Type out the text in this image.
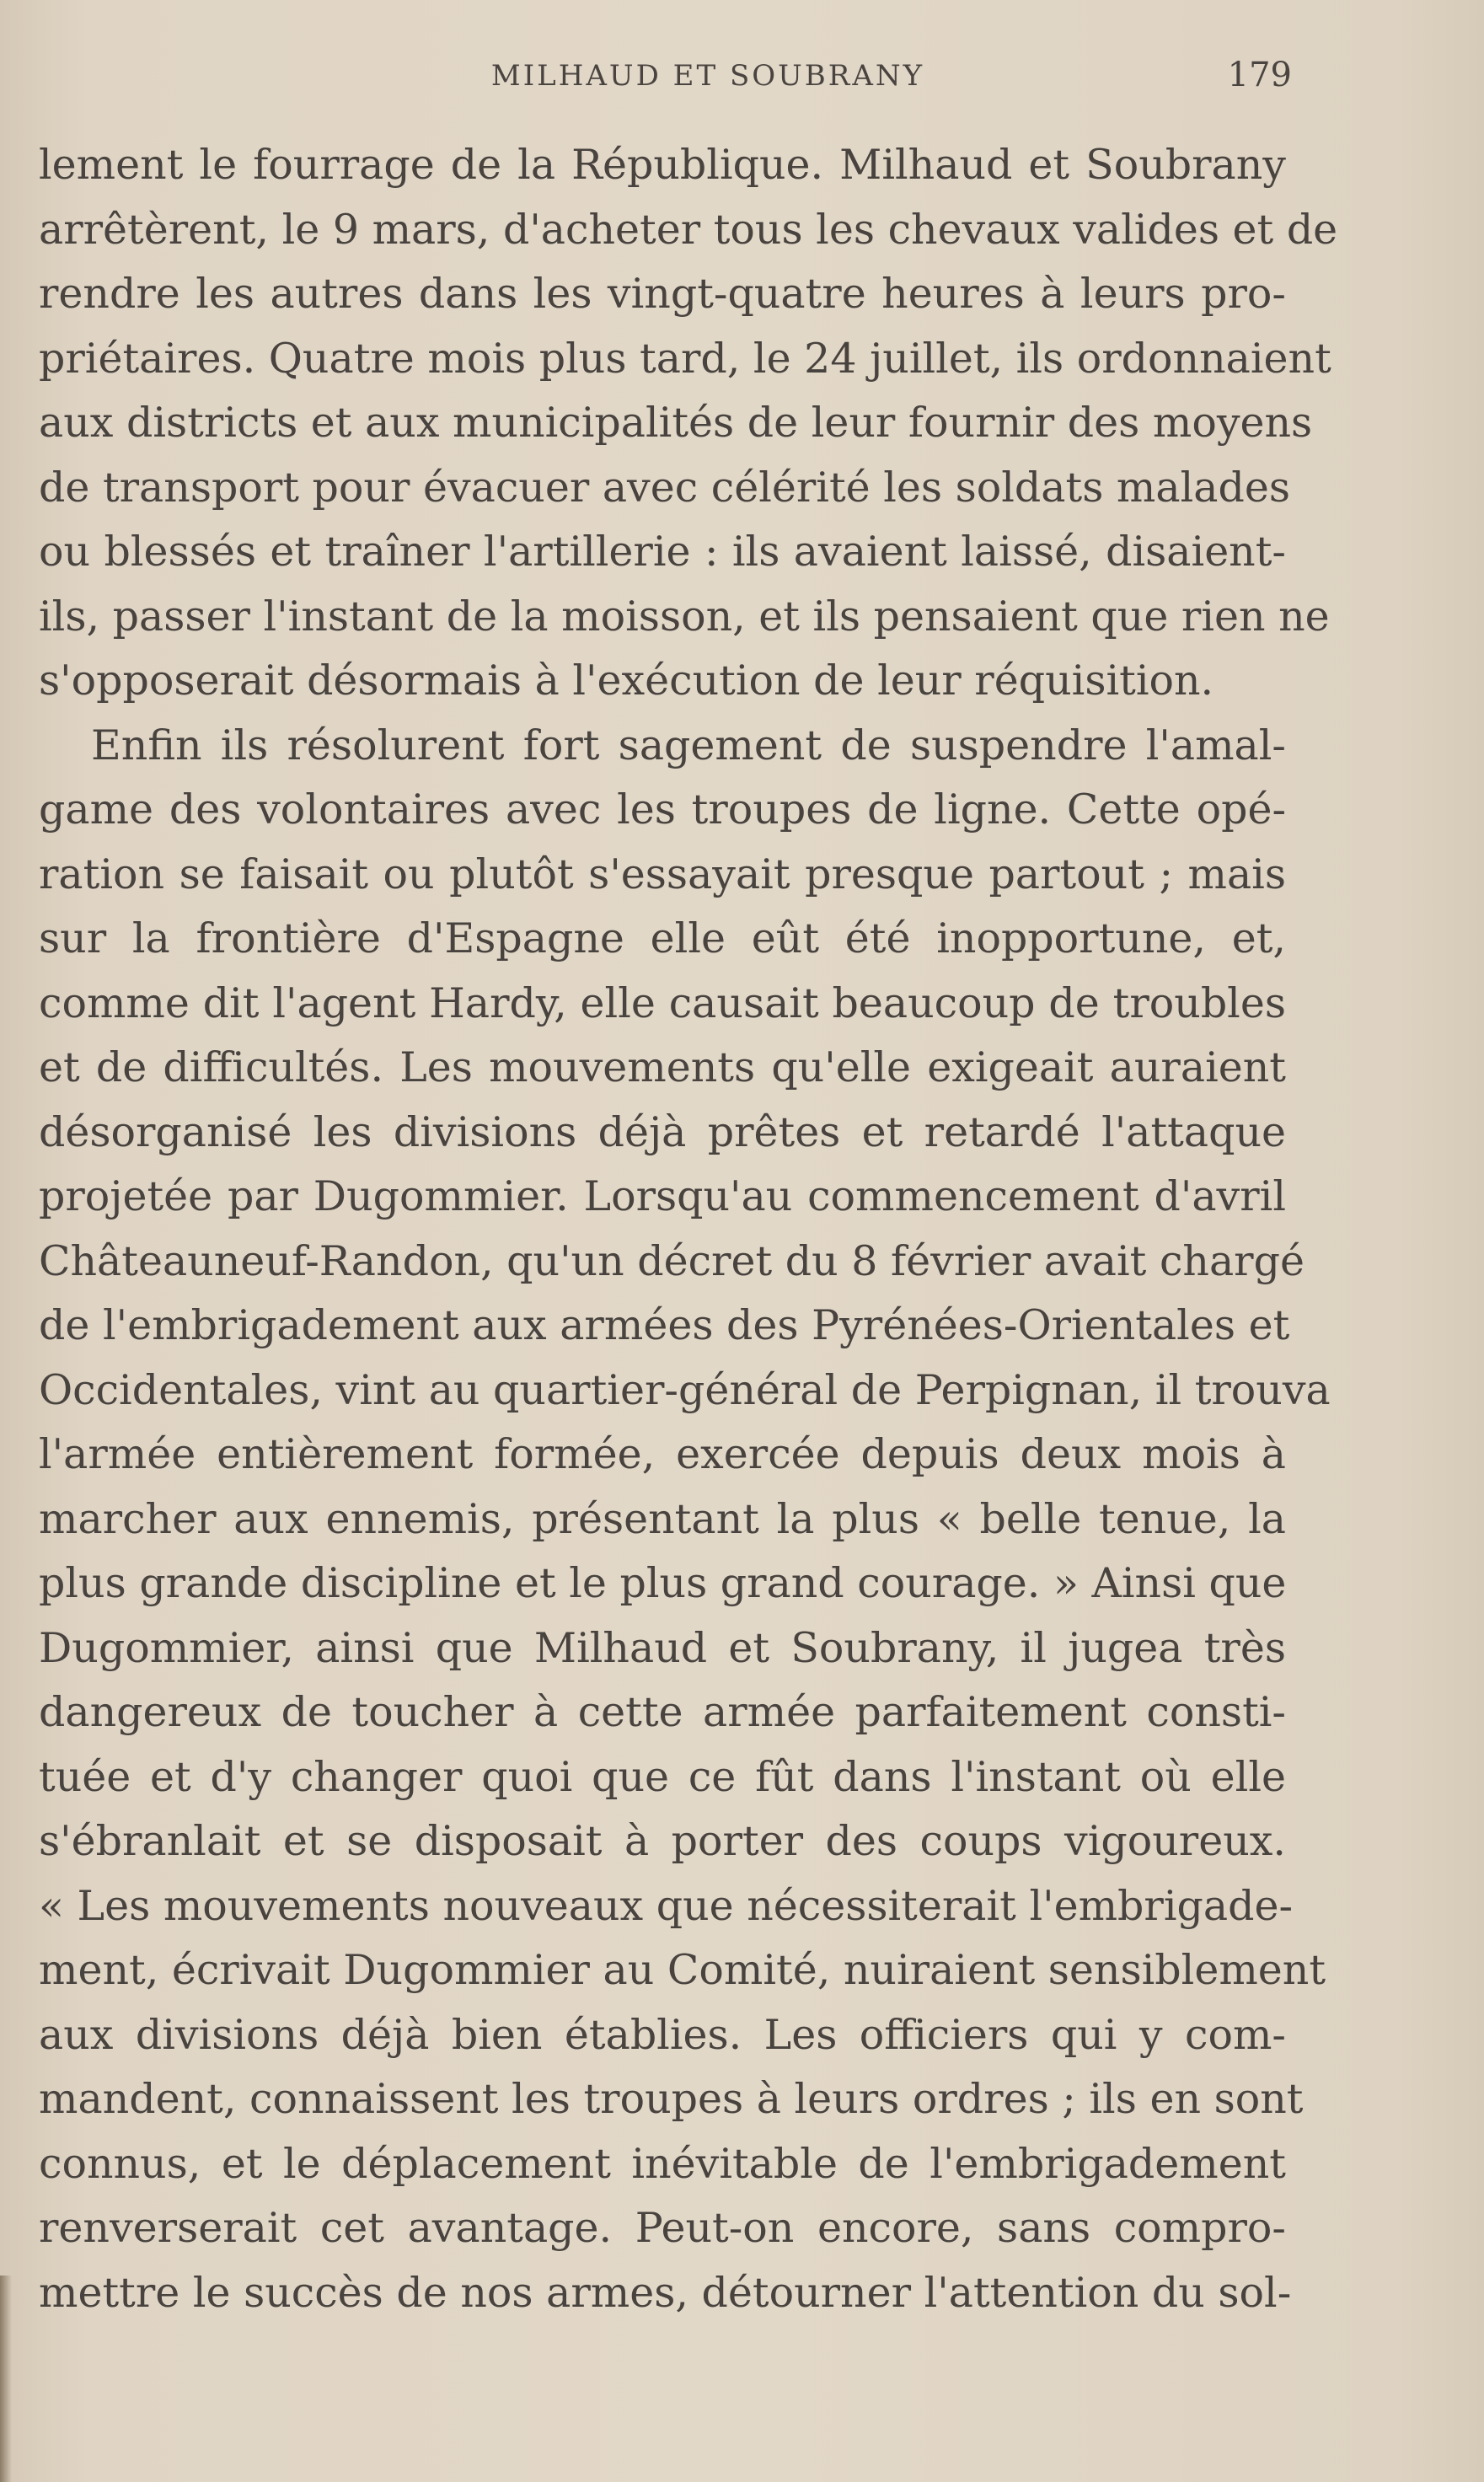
MILHAUD ET SOUBRANY	179
lement le fourrage de la République. Milhaud et Soubrany
arrêtèrent, le 9 mars, d'acheter tous les chevaux valides et de
rendre les autres dans les vingt-quatre heures à leurs pro-
priétaires. Quatre mois plus tard, le 24 juillet, ils ordonnaient
aux districts et aux municipalités de leur fournir des moyens
de transport pour évacuer avec célérité les soldats malades
ou blessés et traîner l'artillerie : ils avaient laissé, disaient-
ils, passer l'instant de la moisson, et ils pensaient que rien ne
s'opposerait désormais à l'exécution de leur réquisition.
Enfin ils résolurent fort sagement de suspendre l'amal-
game des volontaires avec les troupes de ligne. Cette opé-
ration se faisait ou plutôt s'essayait presque partout ; mais
sur la frontière d'Espagne elle eût été inopportune, et,
comme dit l'agent Hardy, elle causait beaucoup de troubles
et de difficultés. Les mouvements qu'elle exigeait auraient
désorganisé les divisions déjà prêtes et retardé l'attaque
projetée par Dugommier. Lorsqu'au commencement d'avril
Châteauneuf-Randon, qu'un décret du 8 février avait chargé
de l'embrigadement aux armées des Pyrénées-Orientales et
Occidentales, vint au quartier-général de Perpignan, il trouva
l'armée entièrement formée, exercée depuis deux mois à
marcher aux ennemis, présentant la plus « belle tenue, la
plus grande discipline et le plus grand courage. » Ainsi que
Dugommier, ainsi que Milhaud et Soubrany, il jugea très
dangereux de toucher à cette armée parfaitement consti-
tuée et d'y changer quoi que ce fût dans l'instant où elle
s'ébranlait et se disposait à porter des coups vigoureux.
« Les mouvements nouveaux que nécessiterait l'embrigade-
ment, écrivait Dugommier au Comité, nuiraient sensiblement
aux divisions déjà bien établies. Les officiers qui y com-
mandent, connaissent les troupes à leurs ordres ; ils en sont
connus, et le déplacement inévitable de l'embrigadement
renverserait cet avantage. Peut-on encore, sans compro-
mettre le succès de nos armes, détourner l'attention du sol-
